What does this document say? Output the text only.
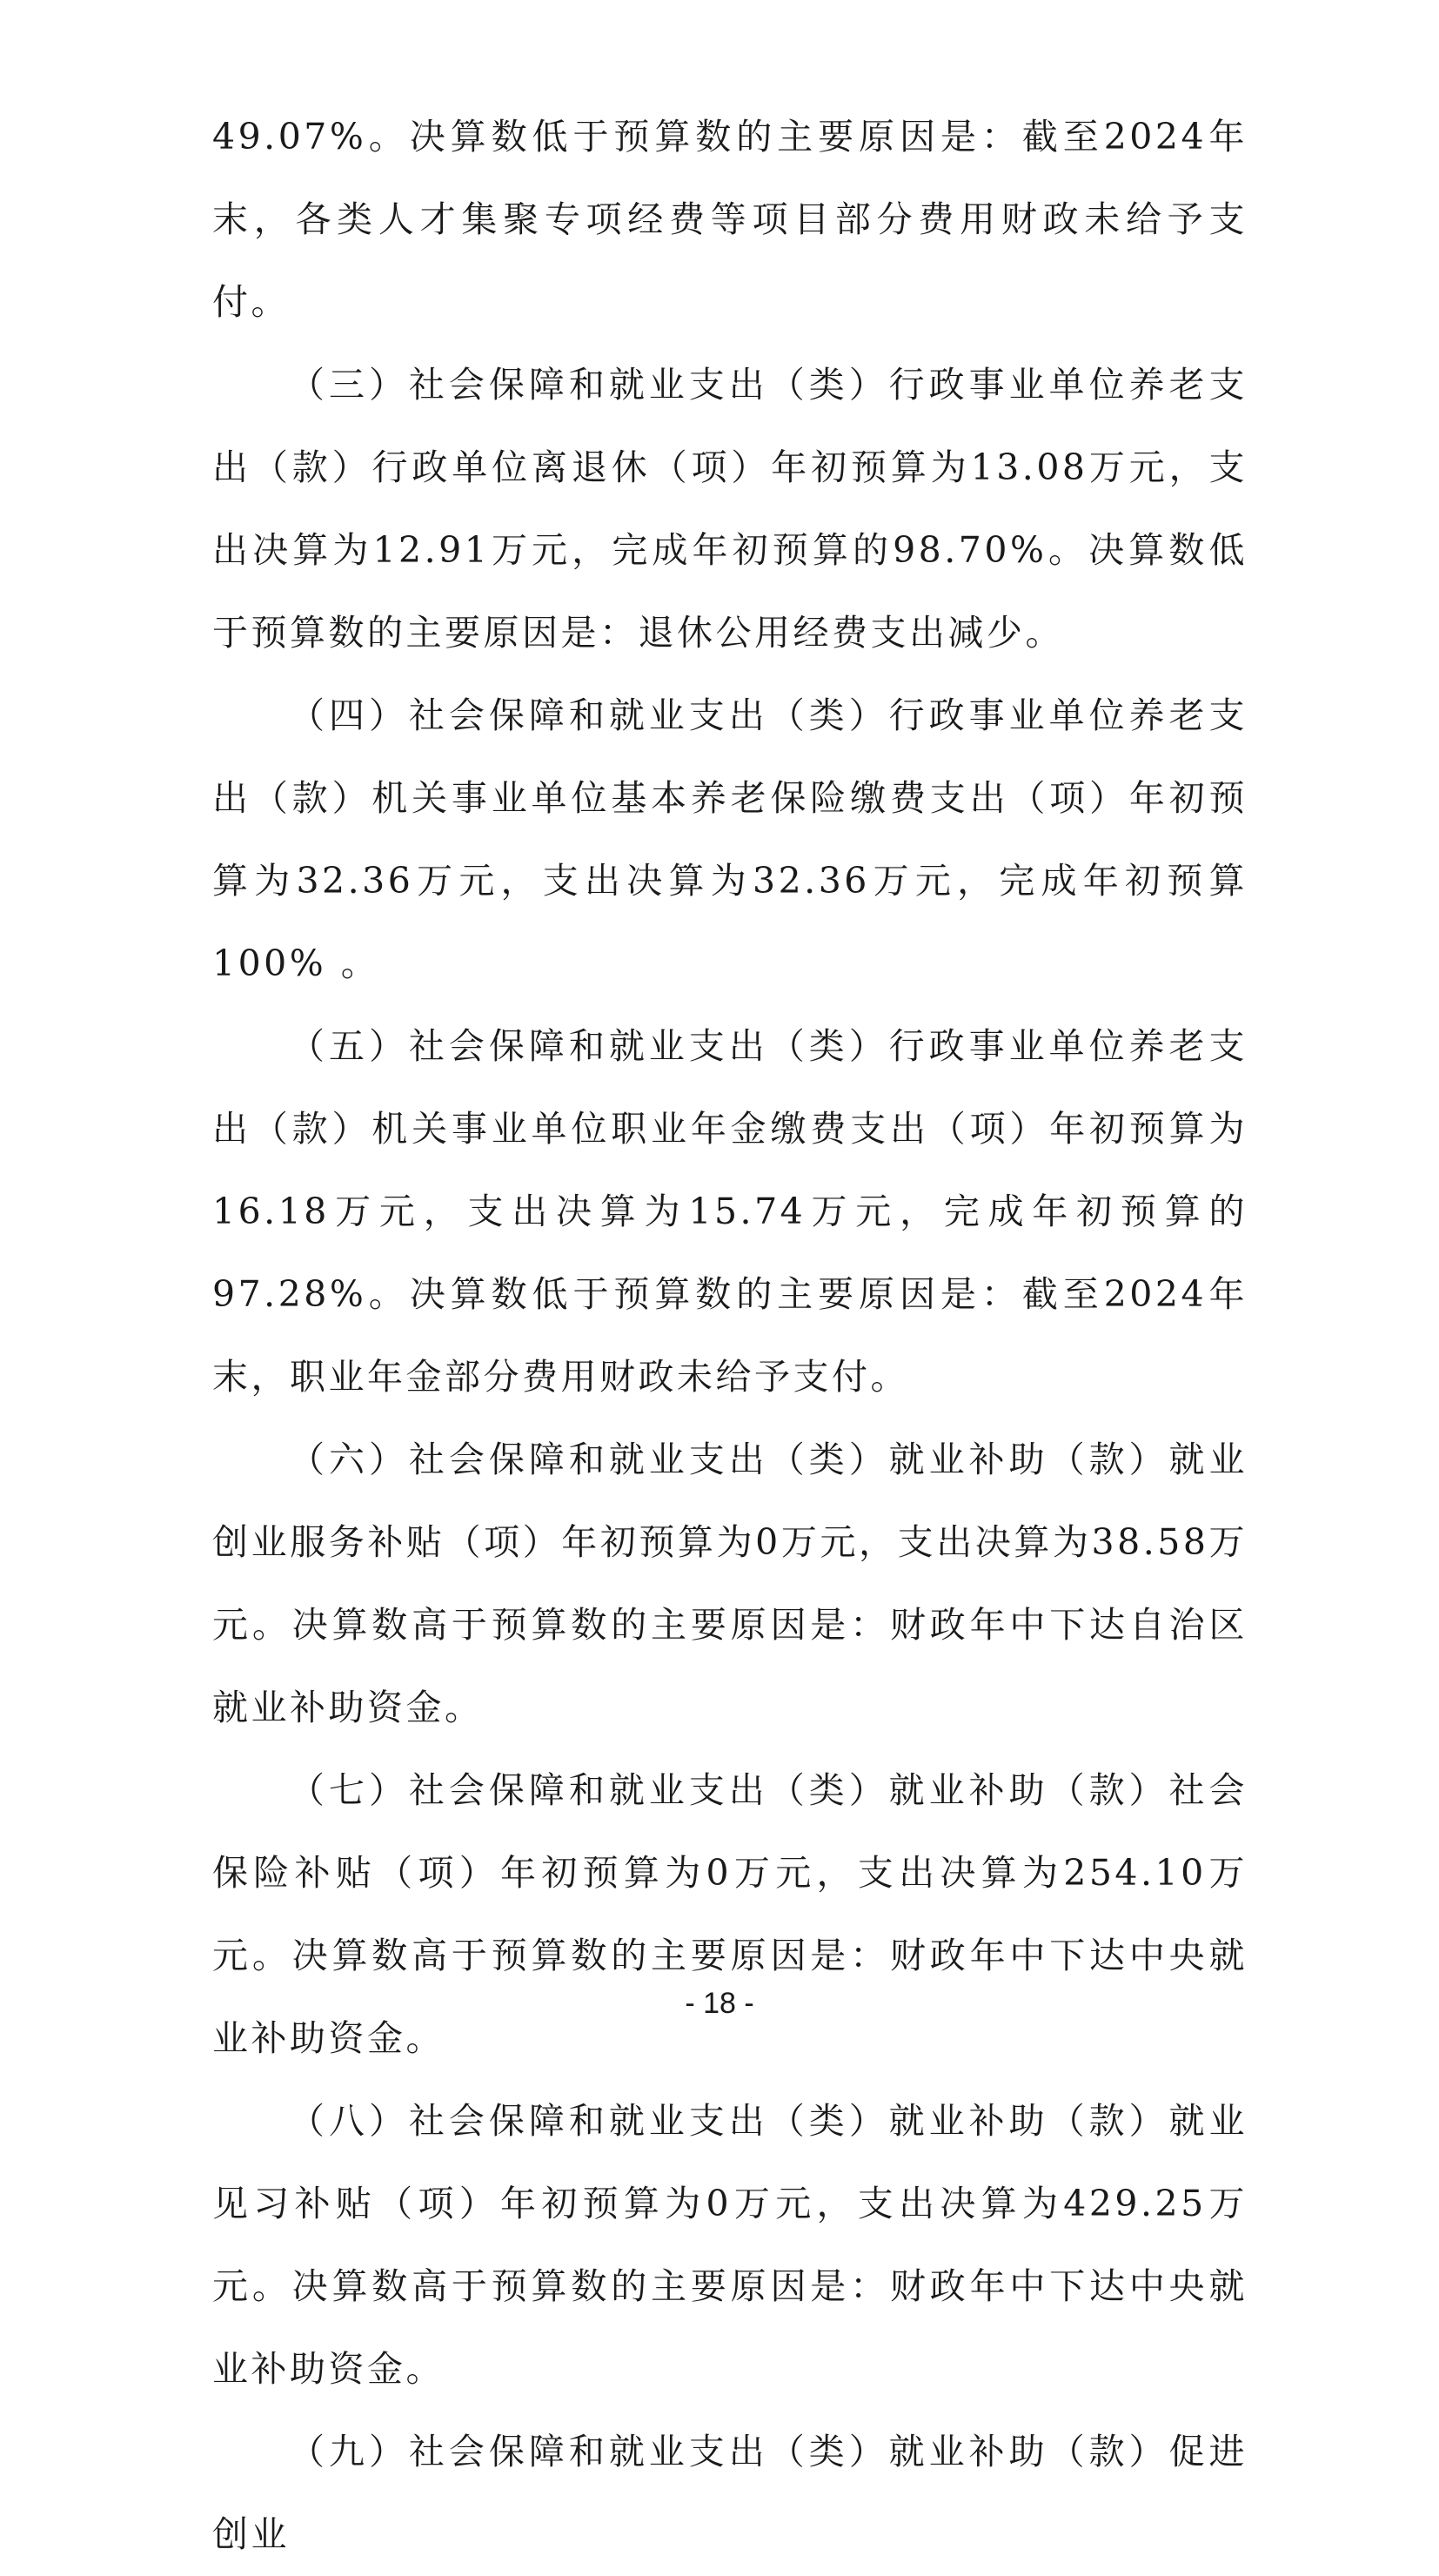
49.07%。决算数低于预算数的主要原因是：截至2024年末，各类人才集聚专项经费等项目部分费用财政未给予支付。

（三）社会保障和就业支出（类）行政事业单位养老支出（款）行政单位离退休（项）年初预算为13.08万元，支出决算为12.91万元，完成年初预算的98.70%。决算数低于预算数的主要原因是：退休公用经费支出减少。

（四）社会保障和就业支出（类）行政事业单位养老支出（款）机关事业单位基本养老保险缴费支出（项）年初预算为32.36万元，支出决算为32.36万元，完成年初预算100% 。

（五）社会保障和就业支出（类）行政事业单位养老支出（款）机关事业单位职业年金缴费支出（项）年初预算为16.18万元，支出决算为15.74万元，完成年初预算的97.28%。决算数低于预算数的主要原因是：截至2024年末，职业年金部分费用财政未给予支付。

（六）社会保障和就业支出（类）就业补助（款）就业创业服务补贴（项）年初预算为0万元，支出决算为38.58万元。决算数高于预算数的主要原因是：财政年中下达自治区就业补助资金。

（七）社会保障和就业支出（类）就业补助（款）社会保险补贴（项）年初预算为0万元，支出决算为254.10万元。决算数高于预算数的主要原因是：财政年中下达中央就业补助资金。

（八）社会保障和就业支出（类）就业补助（款）就业见习补贴（项）年初预算为0万元，支出决算为429.25万元。决算数高于预算数的主要原因是：财政年中下达中央就业补助资金。

（九）社会保障和就业支出（类）就业补助（款）促进创业

- 18 -
